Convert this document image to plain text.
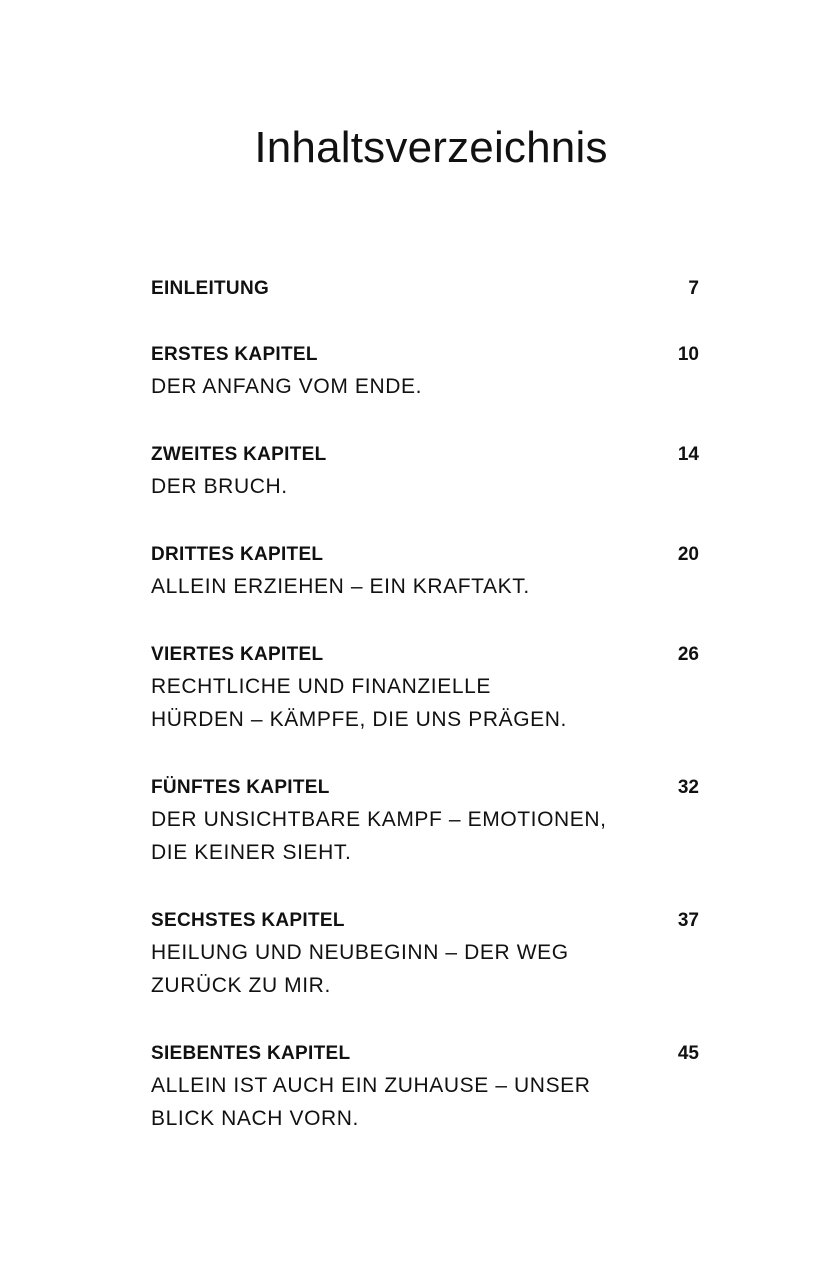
Inhaltsverzeichnis
EINLEITUNG	7
ERSTES KAPITEL	10
DER ANFANG VOM ENDE.
ZWEITES KAPITEL	14
DER BRUCH.
DRITTES KAPITEL	20
ALLEIN ERZIEHEN – EIN KRAFTAKT.
VIERTES KAPITEL	26
RECHTLICHE UND FINANZIELLE
HÜRDEN – KÄMPFE, DIE UNS PRÄGEN.
FÜNFTES KAPITEL	32
DER UNSICHTBARE KAMPF – EMOTIONEN,
DIE KEINER SIEHT.
SECHSTES KAPITEL	37
HEILUNG UND NEUBEGINN – DER WEG
ZURÜCK ZU MIR.
SIEBENTES KAPITEL	45
ALLEIN IST AUCH EIN ZUHAUSE – UNSER
BLICK NACH VORN.
